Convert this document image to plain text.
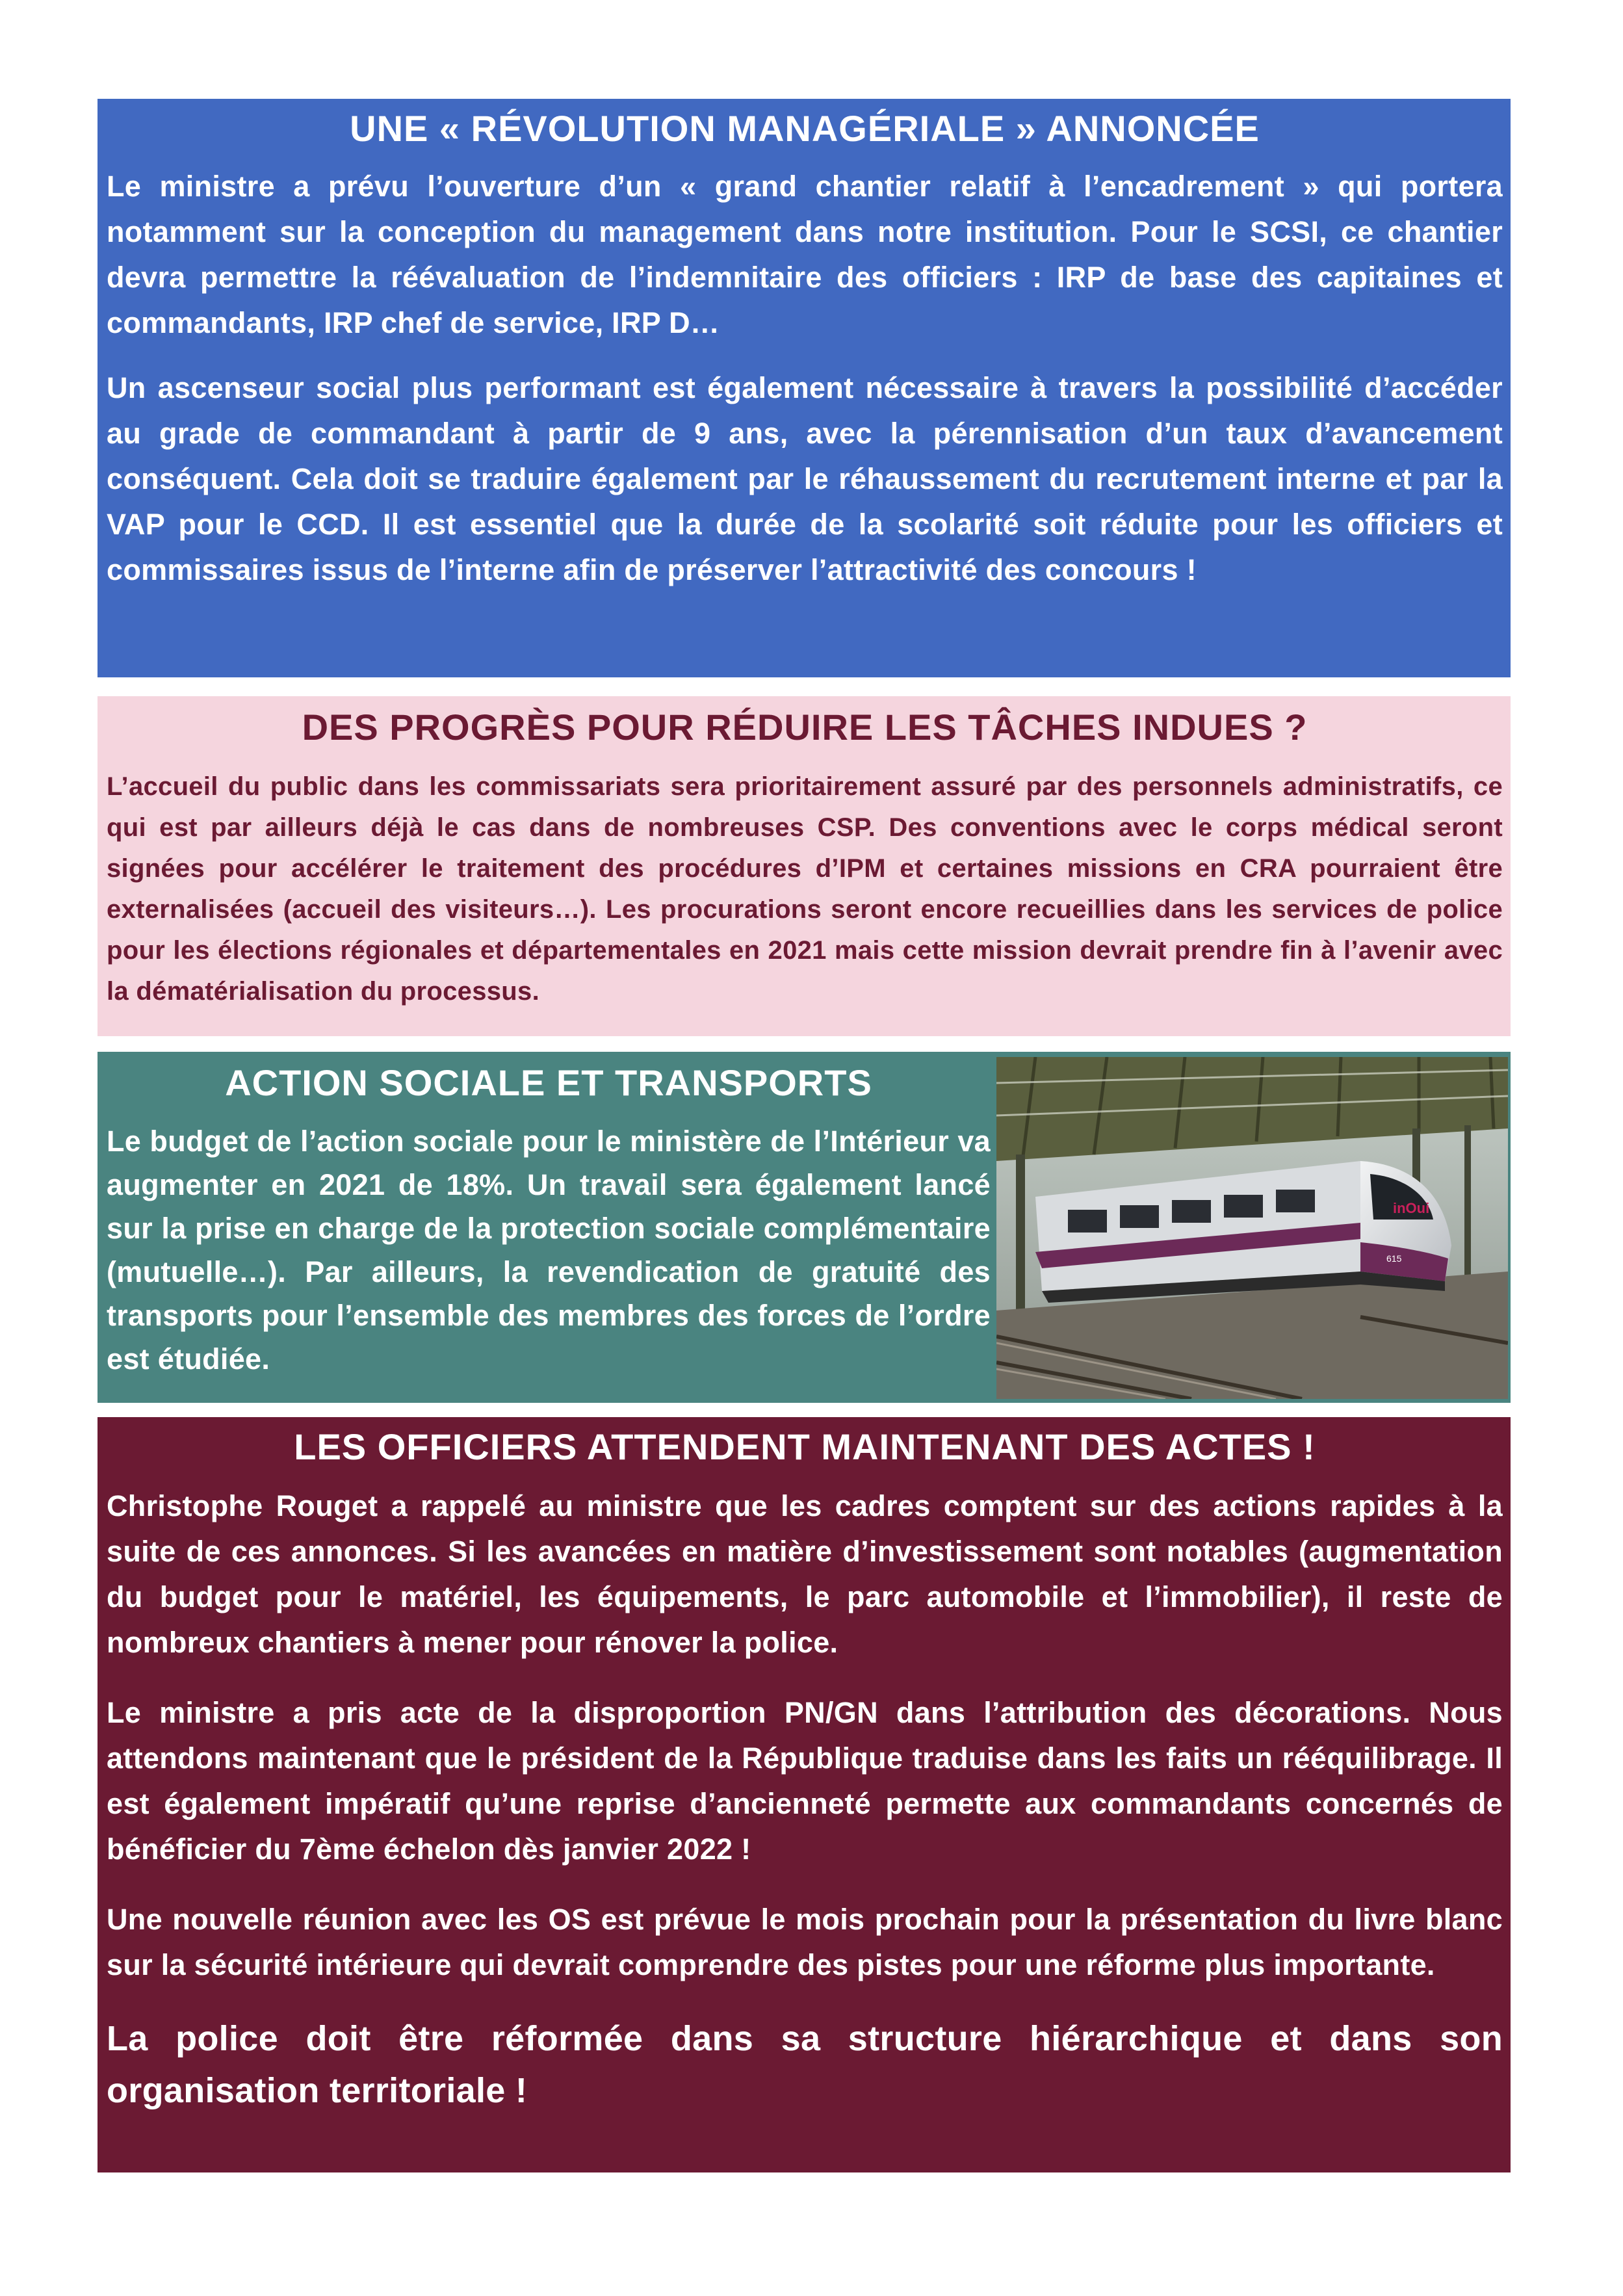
UNE « RÉVOLUTION MANAGÉRIALE » ANNONCÉE

Le ministre a prévu l’ouverture d’un « grand chantier relatif à l’encadrement » qui portera notamment sur la conception du management dans notre institution. Pour le SCSI, ce chantier devra permettre la réévaluation de l’indemnitaire des officiers : IRP de base des capitaines et commandants, IRP chef de service, IRP D…

Un ascenseur social plus performant est également nécessaire à travers la possibilité d’accéder au grade de commandant à partir de 9 ans, avec la pérennisation d’un taux d’avancement conséquent. Cela doit se traduire également par le réhaussement du recrutement interne et par la VAP pour le CCD. Il est essentiel que la durée de la scolarité soit réduite pour les officiers et commissaires issus de l’interne afin de préserver l’attractivité des concours !

DES PROGRÈS POUR RÉDUIRE LES TÂCHES INDUES ?

L’accueil du public dans les commissariats sera prioritairement assuré par des personnels administratifs, ce qui est par ailleurs déjà le cas dans de nombreuses CSP. Des conventions avec le corps médical seront signées pour accélérer le traitement des procédures d’IPM et certaines missions en CRA pourraient être externalisées (accueil des visiteurs…). Les procurations seront encore recueillies dans les services de police pour les élections régionales et départementales en 2021 mais cette mission devrait prendre fin à l’avenir avec la dématérialisation du processus.

ACTION SOCIALE ET TRANSPORTS

Le budget de l’action sociale pour le ministère de l’Intérieur va augmenter en 2021 de 18%. Un travail sera également lancé sur la prise en charge de la protection sociale complémentaire (mutuelle…). Par ailleurs, la revendication de gratuité des transports pour l’ensemble des membres des forces de l’ordre est étudiée.

inOui
615
LES OFFICIERS ATTENDENT MAINTENANT DES ACTES !

Christophe Rouget a rappelé au ministre que les cadres comptent sur des actions rapides à la suite de ces annonces. Si les avancées en matière d’investissement sont notables (augmentation du budget pour le matériel, les équipements, le parc automobile et l’immobilier), il reste de nombreux chantiers à mener pour rénover la police.

Le ministre a pris acte de la disproportion PN/GN dans l’attribution des décorations. Nous attendons maintenant que le président de la République traduise dans les faits un rééquilibrage. Il est également impératif qu’une reprise d’ancienneté permette aux commandants concernés de bénéficier du 7ème échelon dès janvier 2022 !

Une nouvelle réunion avec les OS est prévue le mois prochain pour la présentation du livre blanc sur la sécurité intérieure qui devrait comprendre des pistes pour une réforme plus importante.

La police doit être réformée dans sa structure hiérarchique et dans son organisation territoriale !
